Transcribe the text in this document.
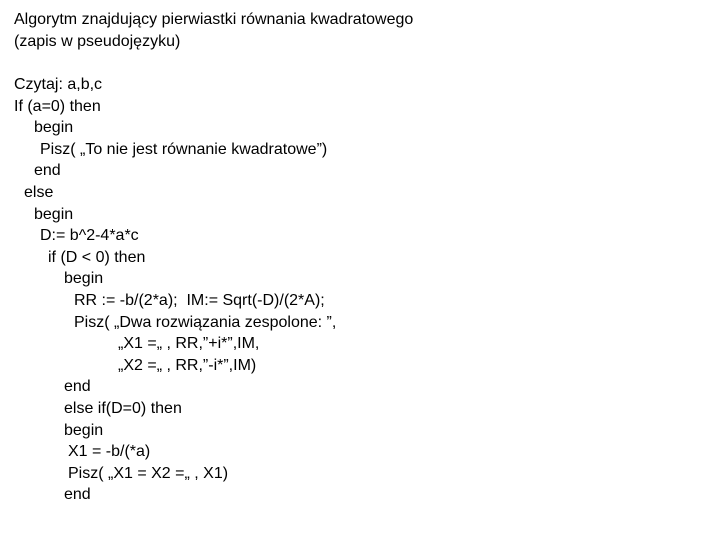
Algorytm znajdujący pierwiastki równania kwadratowego
(zapis w pseudojęzyku)
Czytaj: a,b,c
If (a=0) then
begin
Pisz( „To nie jest równanie kwadratowe”)
end
else
begin
D:= b^2-4*a*c
if (D < 0) then
begin
RR := -b/(2*a);  IM:= Sqrt(-D)/(2*A);
Pisz( „Dwa rozwiązania zespolone: ”,
„X1 =„ , RR,”+i*”,IM,
„X2 =„ , RR,”-i*”,IM)
end
else if(D=0) then
begin
X1 = -b/(*a)
Pisz( „X1 = X2 =„ , X1)
end
